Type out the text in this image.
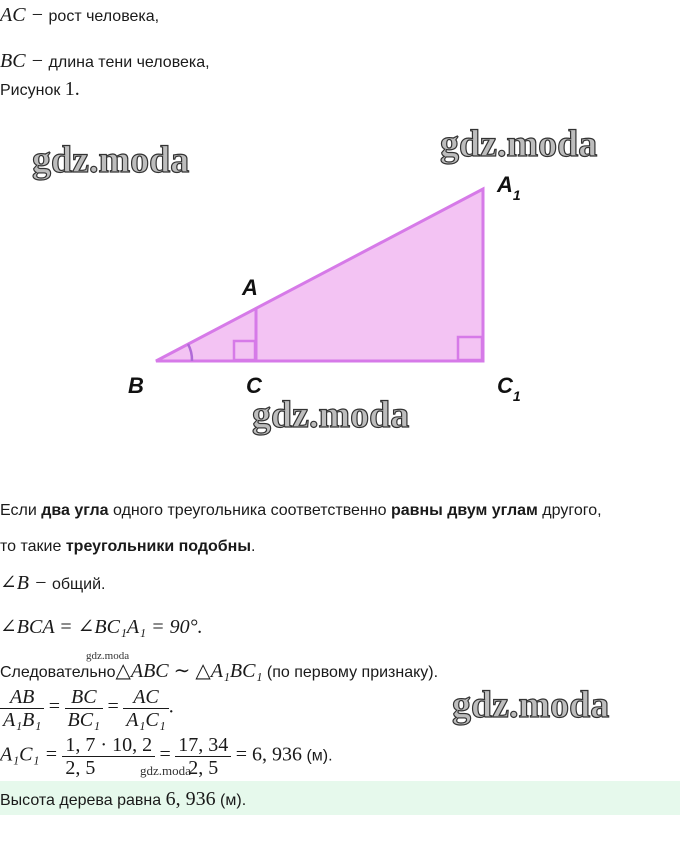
AC − рост человека,
BC − длина тени человека,
Рисунок 1.
$A_1$
A
B	C	$C_1$
gdz.moda	gdz.moda
gdz.moda
gdz.moda
gdz.moda
gdz.moda
Если два угла одного треугольника соответственно равны двум углам другого,
то такие треугольники подобны.
∠B − общий.
∠BCA = ∠BC₁A₁ = 90°.
Следовательно△ABC ∼ △A₁BC₁ (по первому признаку).
$\frac{AB}{\text{A₁B₁}} = \frac{BC}{\text{BC₁}} = \frac{AC}{\text{A₁C₁}}$ .
$A_1C_1 = \frac{1, 7 \cdot 10, 2}{2, 5} = \frac{17, 34}{2, 5} = 6$, 936 (м).
Высота дерева равна 6, 936 (м).
